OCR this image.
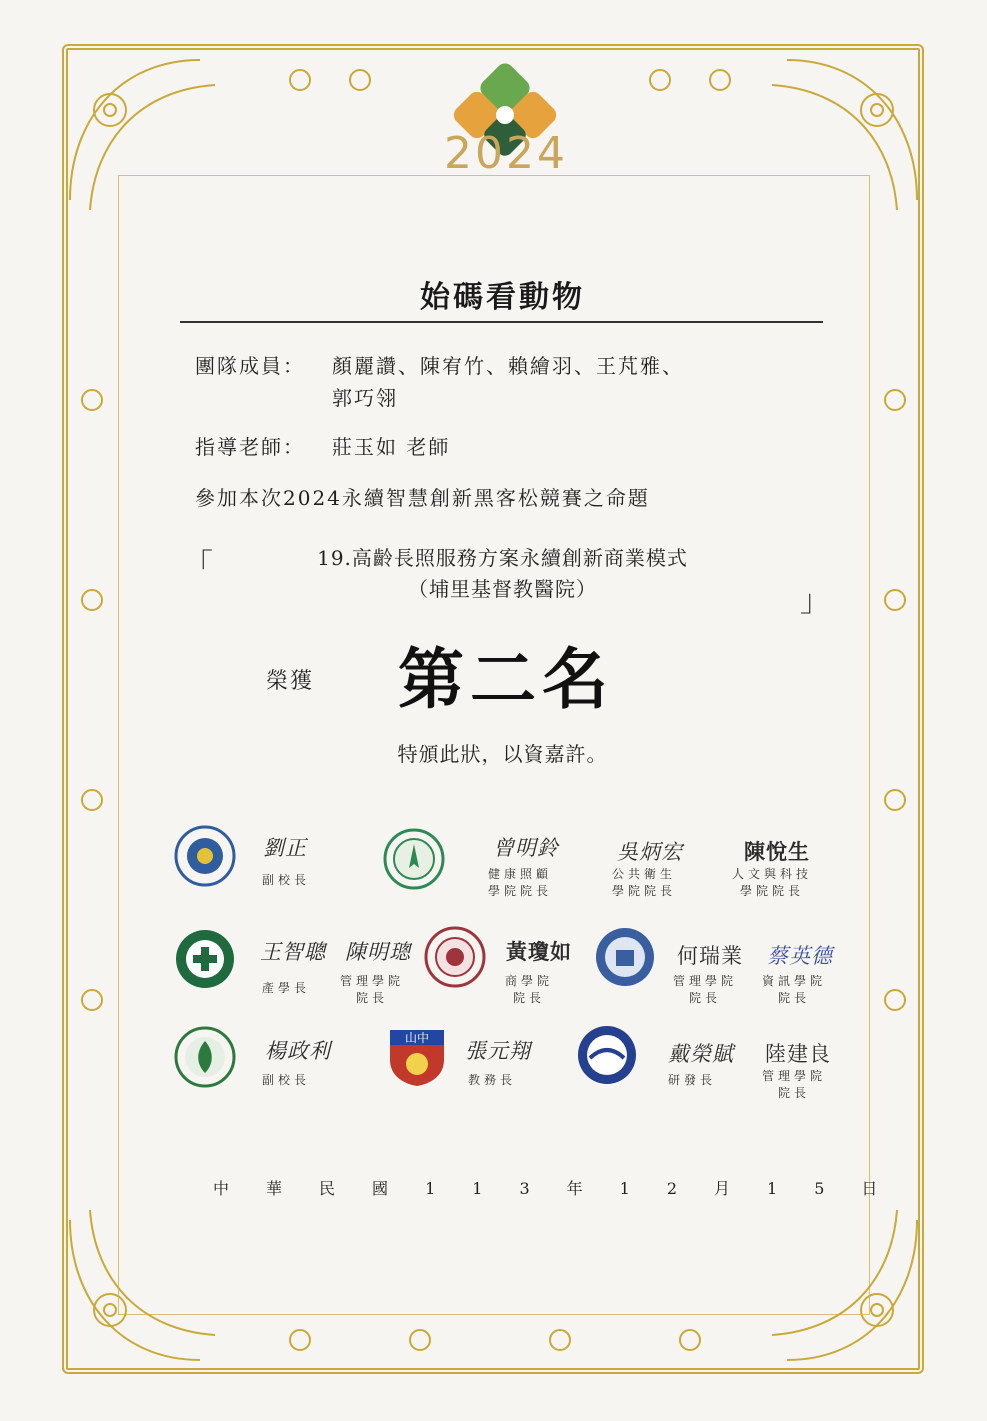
2024
始碼看動物
團隊成員： 顏麗讚、陳宥竹、賴繪羽、王芃雅、
郭巧翎
指導老師： 莊玉如 老師
參加本次2024永續智慧創新黑客松競賽之命題
「	19.高齡長照服務方案永續創新商業模式
（埔里基督教醫院）	」
榮獲 第二名
特頒此狀，以資嘉許。
劉正
副校長
曾明鈴
健康照顧
學院院長
吳炳宏
公共衛生
學院院長
陳悅生
人文與科技
學院院長
王智聰
產學長
陳明璁
管理學院
院長
黃瓊如
商學院
院長
何瑞業
管理學院
院長
蔡英德
資訊學院
院長
楊政利
副校長
山中
張元翔
教務長
戴榮賦
研發長
陸建良
管理學院
院長
中 華 民 國 1 1 3 年 1 2 月 1 5 日
